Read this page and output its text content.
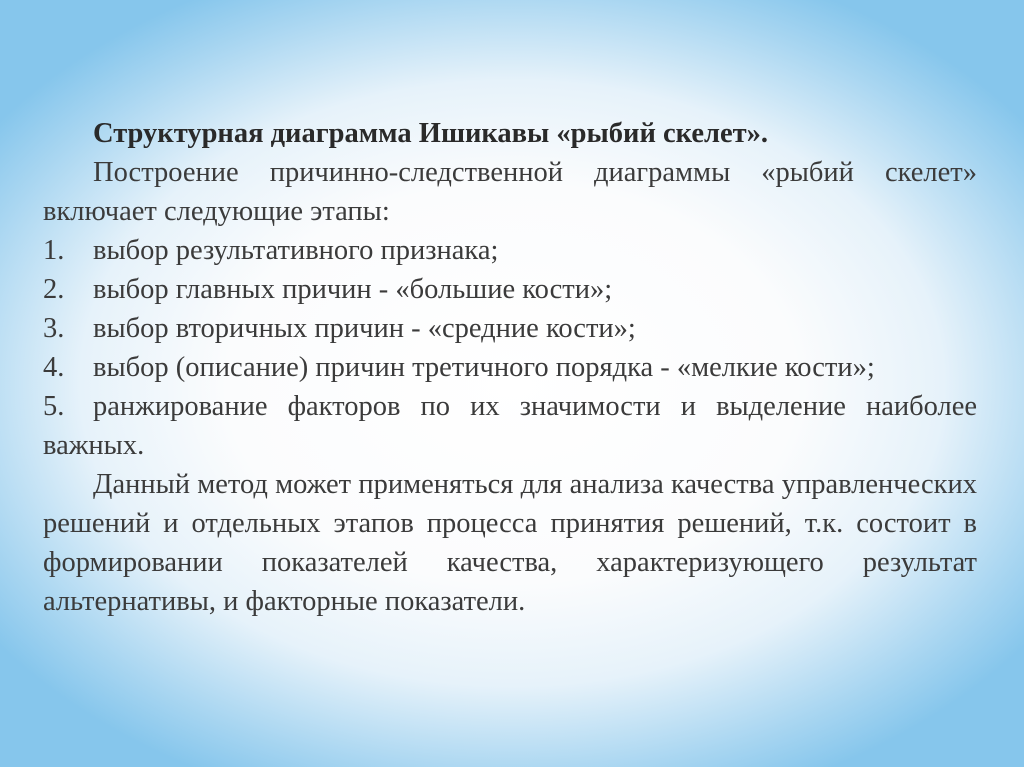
Структурная диаграмма Ишикавы «рыбий скелет».

Построение причинно-следственной диаграммы «рыбий скелет» включает следующие этапы:

1. выбор результативного признака;
2. выбор главных причин - «большие кости»;
3. выбор вторичных причин - «средние кости»;
4. выбор (описание) причин третичного порядка - «мелкие кости»;
5. ранжирование факторов по их значимости и выделение наиболее важных.

Данный метод может применяться для анализа качества управленческих решений и отдельных этапов процесса принятия решений, т.к. состоит в формировании показателей качества, характеризующего результат альтернативы, и факторные показатели.
